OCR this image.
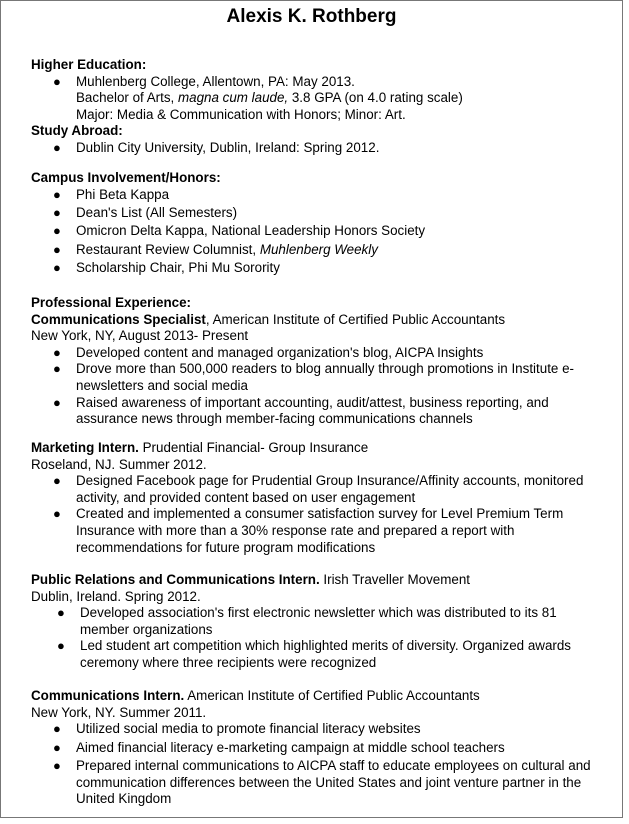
Alexis K. Rothberg
Higher Education:
● Muhlenberg College, Allentown, PA: May 2013.
Bachelor of Arts, magna cum laude, 3.8 GPA (on 4.0 rating scale)
Major: Media & Communication with Honors; Minor: Art.
Study Abroad:
● Dublin City University, Dublin, Ireland: Spring 2012.
Campus Involvement/Honors:
● Phi Beta Kappa
● Dean's List (All Semesters)
● Omicron Delta Kappa, National Leadership Honors Society
● Restaurant Review Columnist, Muhlenberg Weekly
● Scholarship Chair, Phi Mu Sorority
Professional Experience:
Communications Specialist, American Institute of Certified Public Accountants
New York, NY, August 2013- Present
● Developed content and managed organization's blog, AICPA Insights
● Drove more than 500,000 readers to blog annually through promotions in Institute e-
newsletters and social media
● Raised awareness of important accounting, audit/attest, business reporting, and
assurance news through member-facing communications channels
Marketing Intern. Prudential Financial- Group Insurance
Roseland, NJ. Summer 2012.
● Designed Facebook page for Prudential Group Insurance/Affinity accounts, monitored
activity, and provided content based on user engagement
● Created and implemented a consumer satisfaction survey for Level Premium Term
Insurance with more than a 30% response rate and prepared a report with
recommendations for future program modifications
Public Relations and Communications Intern. Irish Traveller Movement
Dublin, Ireland. Spring 2012.
● Developed association's first electronic newsletter which was distributed to its 81
member organizations
● Led student art competition which highlighted merits of diversity. Organized awards
ceremony where three recipients were recognized
Communications Intern. American Institute of Certified Public Accountants
New York, NY. Summer 2011.
● Utilized social media to promote financial literacy websites
● Aimed financial literacy e-marketing campaign at middle school teachers
● Prepared internal communications to AICPA staff to educate employees on cultural and
communication differences between the United States and joint venture partner in the
United Kingdom
